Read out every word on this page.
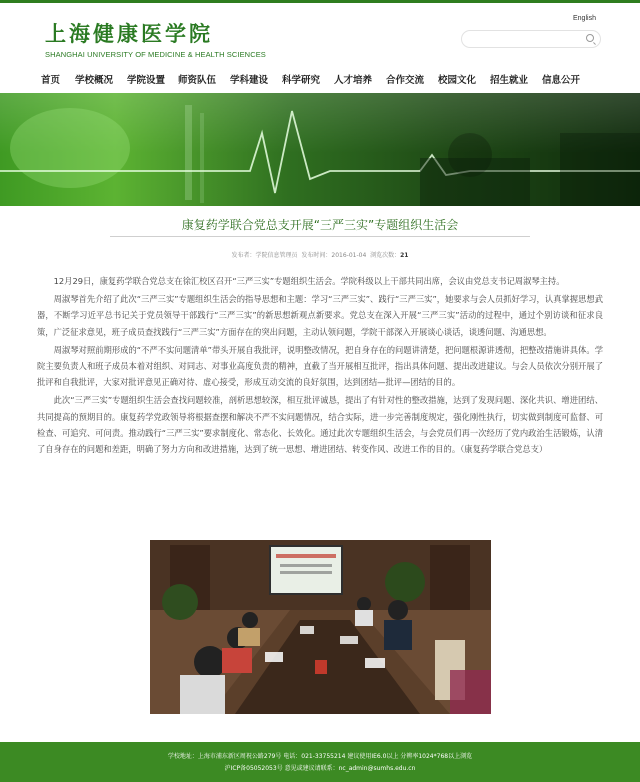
上海健康医学院
SHANGHAI UNIVERSITY OF MEDICINE & HEALTH SCIENCES
English
首页 学校概况 学院设置 师资队伍 学科建设 科学研究 人才培养 合作交流 校园文化 招生就业 信息公开
康复药学联合党总支开展“三严三实”专题组织生活会
发布者：学院信息管理员 发布时间：2016-01-04 浏览次数：21

12月29日，康复药学联合党总支在徐汇校区召开“三严三实”专题组织生活会。学院科级以上干部共同出席，会议由党总支书记周淑琴主持。

周淑琴首先介绍了此次“三严三实”专题组织生活会的指导思想和主题：学习“三严三实”、践行“三严三实”，她要求与会人员抓好学习，认真掌握思想武器，不断学习近平总书记关于党员领导干部践行“三严三实”的新思想新观点新要求。党总支在深入开展“三严三实”活动的过程中，通过个别访谈和征求良策，广泛征求意见，班子成员查找践行“三严三实”方面存在的突出问题，主动认领问题，学院干部深入开展谈心谈话，谈透问题、沟通思想。

周淑琴对照前期形成的“不严不实问题清单”带头开展自我批评，说明整改情况，把自身存在的问题讲清楚，把问题根源讲透彻，把整改措施讲具体。学院主要负责人和班子成员本着对组织、对同志、对事业高度负责的精神，直截了当开展相互批评，指出具体问题、提出改进建议。与会人员依次分别开展了批评和自我批评，大家对批评意见正确对待、虚心接受，形成互动交流的良好氛围，达到团结—批评—团结的目的。

此次“三严三实”专题组织生活会查找问题较准，剖析思想较深，相互批评诚恳，提出了有针对性的整改措施，达到了发现问题、深化共识、增进团结、共同提高的预期目的。康复药学党政领导将根据查摆和解决不严不实问题情况，结合实际，进一步完善制度规定，强化刚性执行，切实做到制度可监督、可检查、可追究、可问责。推动践行“三严三实”要求制度化、常态化、长效化。通过此次专题组织生活会，与会党员们再一次经历了党内政治生活锻炼，认清了自身存在的问题和差距，明确了努力方向和改进措施，达到了统一思想、增进团结、转变作风、改进工作的目的。（康复药学联合党总支）

学校地址：上海市浦东新区周祝公路279号 电话：021-33755214 建议使用IE6.0以上 分辨率1024*768以上浏览
沪ICP备05052053号 意见或建议请联系：nc_admin@sumhs.edu.cn
